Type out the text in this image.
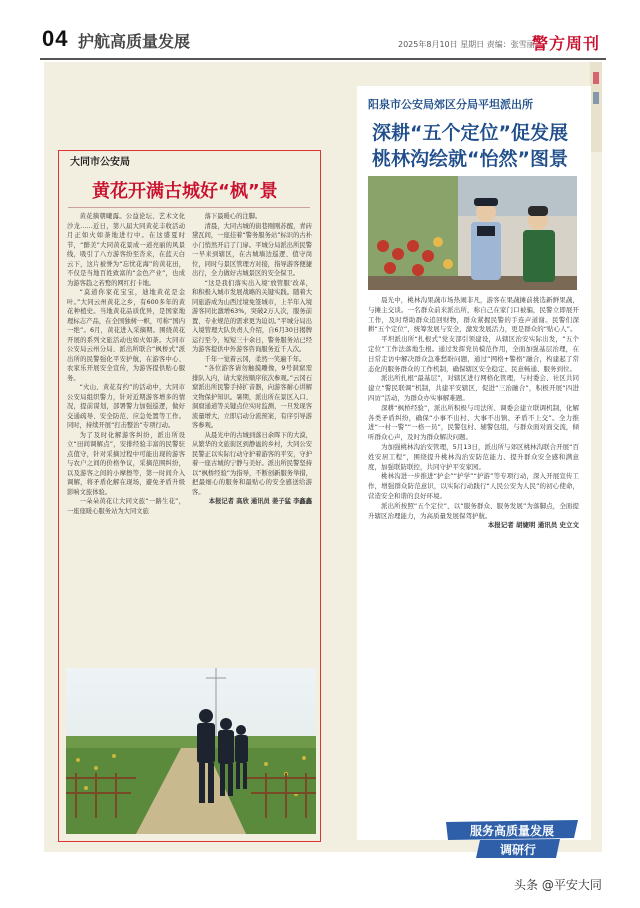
04 护航高质量发展	2025年8月10日 星期日 责编：张雪丽
警方周刊
大同市公安局
黄花开满古城好“枫”景

黄花摘朝曦露。公益论坛、艺术文化沙龙……近日，第八届大同黄花丰收活动月正如火如荼地进行中。在这盛夏时节，“醉美”大同黄花景成一道亮丽的风景线，吸引了八方游客纷至沓来，在蓝天白云下，这片被誉为“忘忧花海”的黄花田，不仅是当地百姓致富的“金色产业”，也成为游客趋之若鹜的网红打卡地。

“莫道你家花宝宝，迪地黄花是金叶。”大同云州黄花之乡，有600多年的黄花种植史。当地黄花品质优异，是国家地理标志产品，在全国独树一帜，可称“国内一绝”。6月，黄花进入采摘期。围绕黄花开展的系列文旅活动也如火如荼。大同市公安局云州分局、派出所联合“枫桥式”派出所的民警强化平安护航，在游客中心、农家乐开展安全宣传，为游客提供贴心服务。

“火山、黄花有约”的活动中，大同市公安局组织警力，针对近期游客增多的情况，提前谋划，部署警力加强巡逻，做好交通疏导、安全防范、应急处置等工作。同时，持续开展“打击整治”专项行动。

为了及时化解游客纠纷，派出所设立“田间调解点”，安排经验丰富的民警驻点值守，针对采摘过程中可能出现的游客与农户之间的价格争议，采摘范围纠纷，以及游客之间的小摩擦等，第一时间介入调解，将矛盾化解在现场，避免矛盾升级影响文旅体验。

一朵朵黄花让大同文旅“一路生花”，一座座暖心服务站为大同文旅

落下最暖心的注脚。

清晨，大同古城的街巷刚刚苏醒，青砖黛瓦间，一座挂着“警务服务站”标识的古朴小门悄然开启了门扉。平城分局派出所民警一早来到辖区，在古城墙边巡逻、值守岗位，同时与景区管理方对接，指导游客便捷出行，全力做好古城景区的安全保卫。

“这是我们落实出入境‘放管服’改革，和积极入城市发展战略的关键实践。随着大同旅游成为山西过境免签城市，上半年入境游客同比激增63%，突破2万人次，服务前置、专业规范的需求更为迫切。”平城分局出入境管理大队负责人介绍，自6月30日揭牌运行至今，短短三十余日，警务服务站已经为游客提供中外游客咨询服务近千人次。

千年一觉着云冈，柔然一笑遍千年。

“各位游客请勿触摸雕像，9号洞窟需排队入内，请大家按顺序依次参观。”云冈石窟派出所民警手持扩音器，向游客耐心讲解文物保护知识。暑期，派出所在景区入口、洞窟通道等关键点位实时监测，一旦发现客流量增大，立即启动分流预案，有序引导游客参观。

从晨光中的古城到落日余晖下的大漠，从繁华的文旅街区到静谧的乡村，大同公安民警正以实际行动守护着游客的平安，守护着一座古城的宁静与美好。派出所民警坚持以“枫桥经验”为指导，不断创新服务举措，把最细心的服务和最贴心的安全感送给游客。

本报记者 高欣 通讯员 姜子猛 李鑫鑫

阳泉市公安局郊区分局平坦派出所
深耕“五个定位”促发展
桃林沟绘就“怡然”图景

晨光中，桃林沟果蔬市场热闹非凡，游客在果蔬摊前挑选新鲜果蔬，与摊主交谈。一名群众前来派出所，称自己在家门口被骗，民警立即展开工作，及时帮助群众追回财物，群众紧握民警的手连声道谢。民警们深耕“五个定位”，统筹发展与安全，激发发展活力，更是群众的“贴心人”。

平坦派出所“扎根式”党支部引领建设，从辖区治安实际出发，“五个定位”工作法落地生根。通过发挥党员模范作用，全面加强基层治理，在日常走访中解决群众急难愁盼问题，通过“网格+警格”融合，构建起了常态化的服务群众的工作机制，确保辖区安全稳定、民意畅通、服务到位。

派出所扎根“最基层”，对辖区进行网格化管理，与村委会、社区共同建立“警民联调”机制，共建平安辖区，促进“三治融合”，积极开展“四进四访”活动，为群众办实事解难题。

深耕“枫桥经验”，派出所积极与司法所、调委会建立联调机制，化解各类矛盾纠纷，确保“小事不出村、大事不出镇、矛盾不上交”。全力推进“一村一警”“一格一员”，民警包村、辅警包组，与群众面对面交流，倾听群众心声，及时为群众解决问题。

为加强桃林沟治安管理，5月13日，派出所与郊区桃林沟联合开展“百姓安居工程”，围绕提升桃林沟治安防范能力、提升群众安全感和满意度，加强联防联控，共同守护平安家园。

桃林沟进一步推进“护企”“护学”“护游”等专项行动，深入开展宣传工作，增强群众防范意识，以实际行动践行“人民公安为人民”的初心使命，营造安全和谐的良好环境。

派出所按照“五个定位”，以“服务群众、服务发展”为落脚点，全面提升辖区治理能力，为高质量发展保驾护航。

本报记者 胡婕明 通讯员 史立文

服务高质量发展
调研行
头条 @平安大同
